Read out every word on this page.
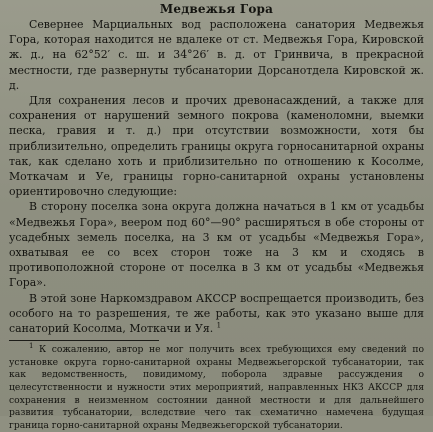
Медвежья Гора

Севернее Марциальных вод расположена санатория Медвежья Гора, которая находится не вдалеке от ст. Медвежья Гора, Кировской ж. д., на 62°52′ с. ш. и 34°26′ в. д. от Гринвича, в прекрасной местности, где развернуты тубсанатории Дорсанотдела Кировской ж. д.

Для сохранения лесов и прочих древонасаждений, а также для сохранения от нарушений земного покрова (каменоломни, выемки песка, гравия и т. д.) при отсутствии возможности, хотя бы приблизительно, определить границы округа горносанитарной охраны так, как сделано хоть и приблизительно по отношению к Косолме, Моткачам и Уе, границы горно-санитарной охраны установлены ориентировочно следующие:

В сторону поселка зона округа должна начаться в 1 км от усадьбы «Медвежья Гора», веером под 60°—90° расширяться в обе стороны от усадебных земель поселка, на 3 км от усадьбы «Медвежья Гора», охватывая ее со всех сторон тоже на 3 км и сходясь в противоположной стороне от поселка в 3 км от усадьбы «Медвежья Гора».

В этой зоне Наркомздравом АКССР воспрещается производить, без особого на то разрешения, те же работы, как это указано выше для санаторий Косолма, Моткачи и Уя. $^1$

$^1$ К сожалению, автор не мог получить всех требующихся ему сведений по установке округа горно-санитарной охраны Медвежьегорской тубсанатории, так как ведомственность, повидимому, поборола здравые рассуждения о целесутственности и нужности этих мероприятий, направленных НКЗ АКССР для сохранения в неизменном состоянии данной местности и для дальнейшего развития тубсанатории, вследствие чего так схематично намечена будущая граница горно-санитарной охраны Медвежьегорской тубсанатории.
